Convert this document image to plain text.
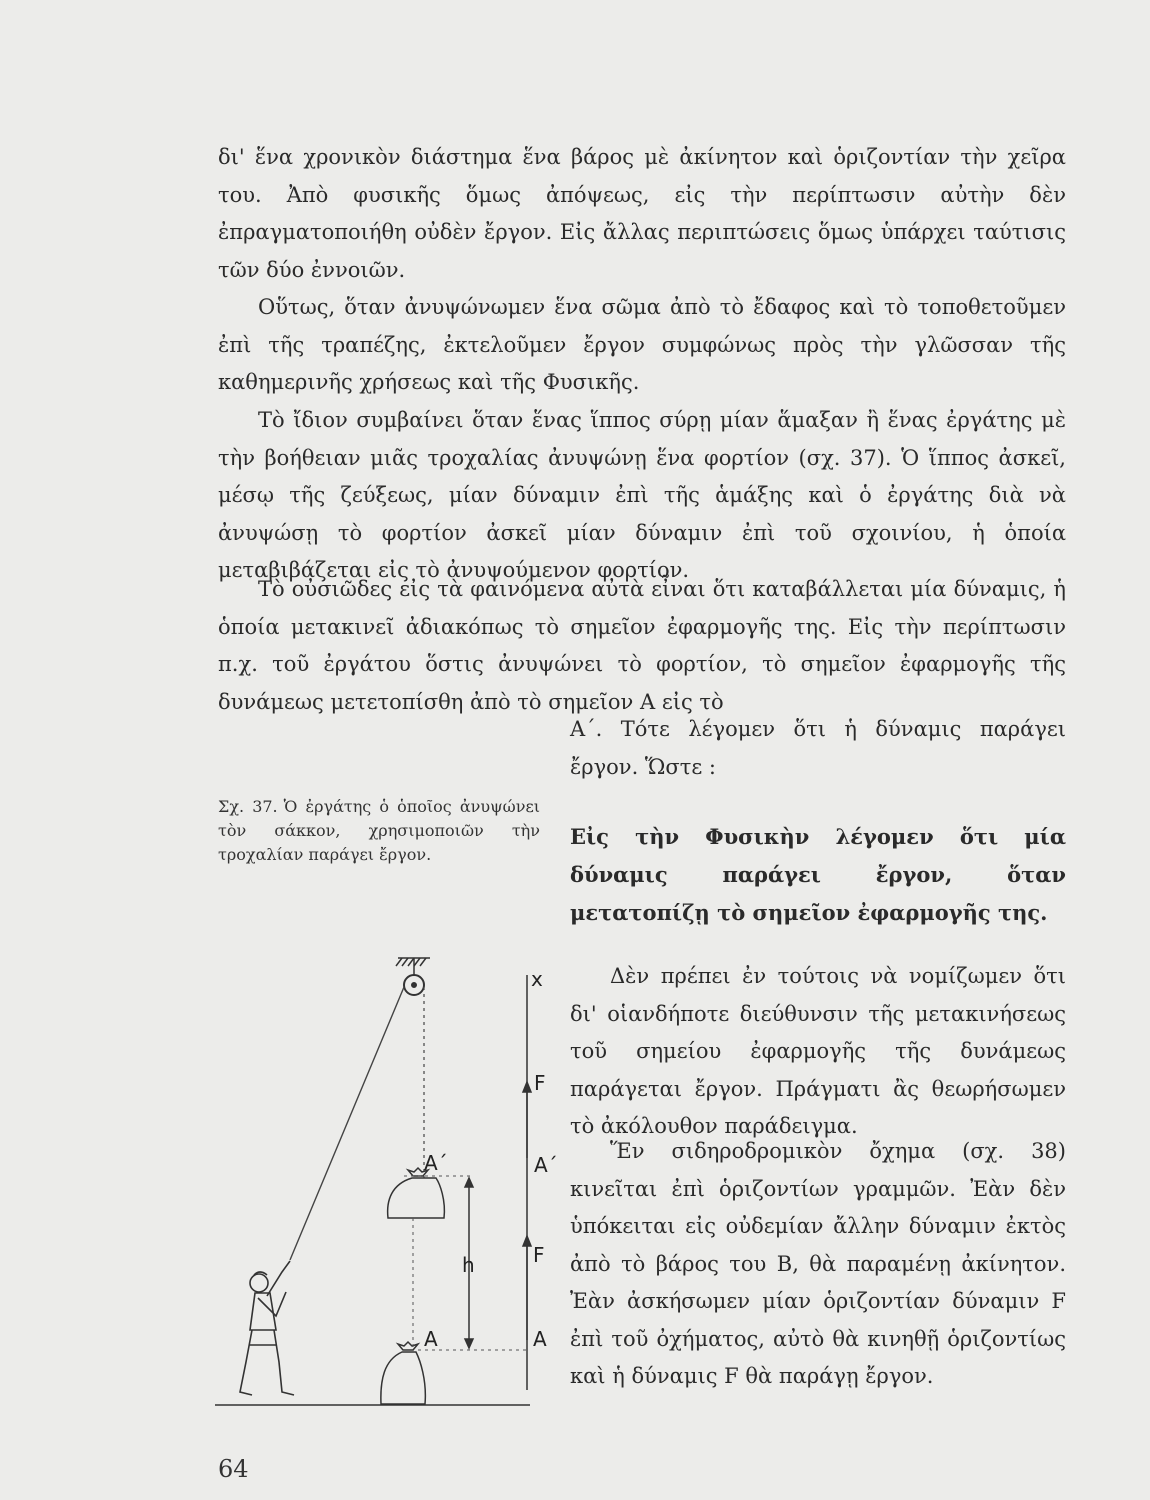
δι' ἕνα χρονικὸν διάστημα ἕνα βάρος μὲ ἀκίνητον καὶ ὁριζοντίαν τὴν χεῖρα του. Ἀπὸ φυσικῆς ὅμως ἀπόψεως, εἰς τὴν περίπτωσιν αὐτὴν δὲν ἐπραγματοποιήθη οὐδὲν ἔργον. Εἰς ἄλλας περιπτώσεις ὅμως ὑπάρχει ταύτισις τῶν δύο ἐννοιῶν.

Οὕτως, ὅταν ἀνυψώνωμεν ἕνα σῶμα ἀπὸ τὸ ἔδαφος καὶ τὸ τοποθετοῦμεν ἐπὶ τῆς τραπέζης, ἐκτελοῦμεν ἔργον συμφώνως πρὸς τὴν γλῶσσαν τῆς καθημερινῆς χρήσεως καὶ τῆς Φυσικῆς.

Τὸ ἴδιον συμβαίνει ὅταν ἕνας ἵππος σύρῃ μίαν ἅμαξαν ἢ ἕνας ἐργάτης μὲ τὴν βοήθειαν μιᾶς τροχαλίας ἀνυψώνῃ ἕνα φορτίον (σχ. 37). Ὁ ἵππος ἀσκεῖ, μέσῳ τῆς ζεύξεως, μίαν δύναμιν ἐπὶ τῆς ἁμάξης καὶ ὁ ἐργάτης διὰ νὰ ἀνυψώσῃ τὸ φορτίον ἀσκεῖ μίαν δύναμιν ἐπὶ τοῦ σχοινίου, ἡ ὁποία μεταβιβάζεται εἰς τὸ ἀνυψούμενον φορτίον.

Τὸ οὐσιῶδες εἰς τὰ φαινόμενα αὐτὰ εἶναι ὅτι καταβάλλεται μία δύναμις, ἡ ὁποία μετακινεῖ ἀδιακόπως τὸ σημεῖον ἐφαρμογῆς της. Εἰς τὴν περίπτωσιν π.χ. τοῦ ἐργάτου ὅστις ἀνυψώνει τὸ φορτίον, τὸ σημεῖον ἐφαρμογῆς τῆς δυνάμεως μετετοπίσθη ἀπὸ τὸ σημεῖον Α εἰς τὸ

Α΄. Τότε λέγομεν ὅτι ἡ δύναμις παράγει ἔργον. Ὥστε :

Σχ. 37. Ὁ ἐργάτης ὁ ὁποῖος ἀνυψώνει τὸν σάκκον, χρησιμοποιῶν τὴν τροχαλίαν παράγει ἔργον.

Εἰς τὴν Φυσικὴν λέγομεν ὅτι μία δύναμις παράγει ἔργον, ὅταν μετατοπίζῃ τὸ σημεῖον ἐφαρμογῆς της.

Δὲν πρέπει ἐν τούτοις νὰ νομίζωμεν ὅτι δι' οἱανδήποτε διεύθυνσιν τῆς μετακινήσεως τοῦ σημείου ἐφαρμογῆς τῆς δυνάμεως παράγεται ἔργον. Πράγματι ἂς θεωρήσωμεν τὸ ἀκόλουθον παράδειγμα.

Ἕν σιδηροδρομικὸν ὄχημα (σχ. 38) κινεῖται ἐπὶ ὁριζοντίων γραμμῶν. Ἐὰν δὲν ὑπόκειται εἰς οὐδεμίαν ἄλλην δύναμιν ἐκτὸς ἀπὸ τὸ βάρος του Β, θὰ παραμένῃ ἀκίνητον. Ἐὰν ἀσκήσωμεν μίαν ὁριζοντίαν δύναμιν F ἐπὶ τοῦ ὀχήματος, αὐτὸ θὰ κινηθῇ ὁριζοντίως καὶ ἡ δύναμις F θὰ παράγῃ ἔργον.

x
F
Α΄	Α΄
h	F
Α	Α
64
